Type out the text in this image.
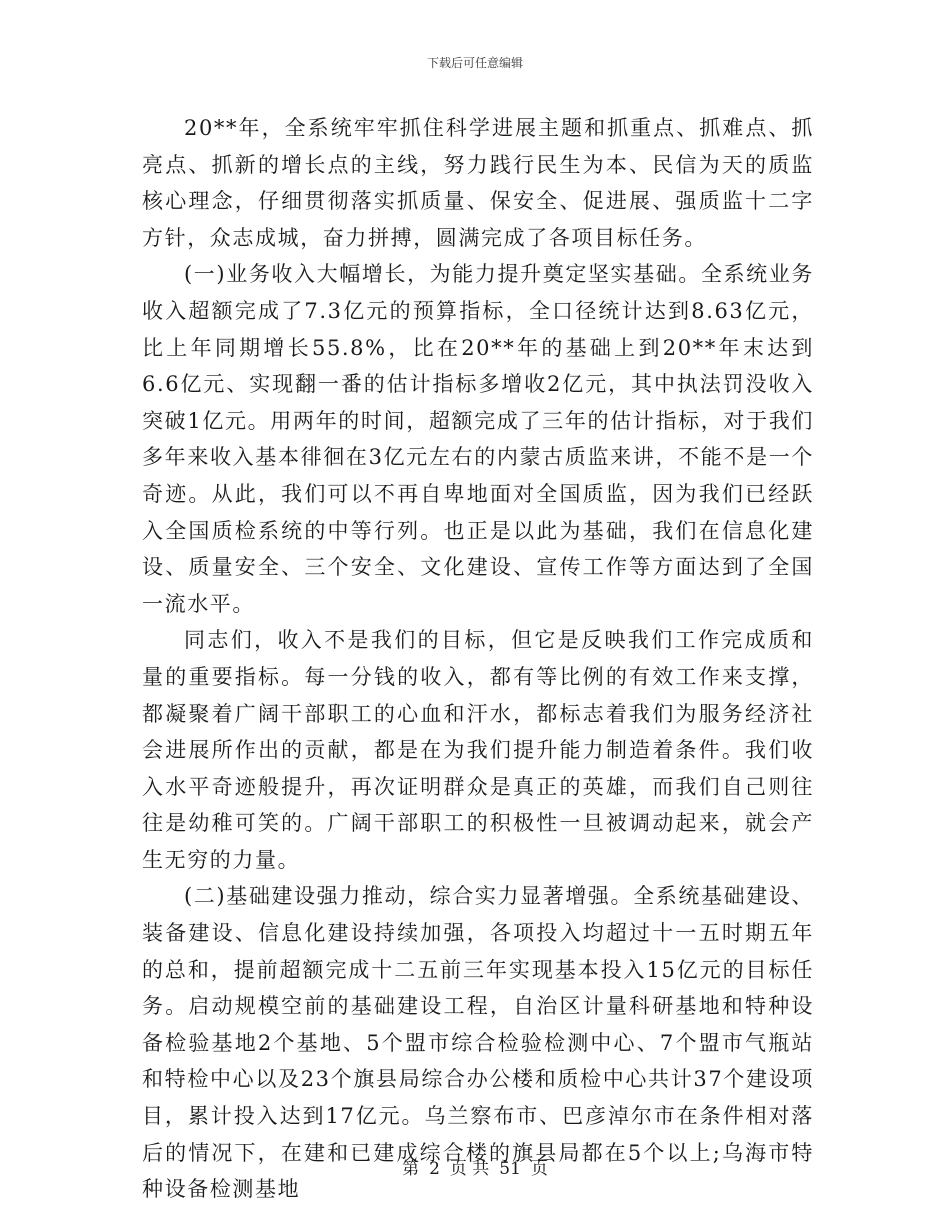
下载后可任意编辑

20**年，全系统牢牢抓住科学进展主题和抓重点、抓难点、抓亮点、抓新的增长点的主线，努力践行民生为本、民信为天的质监核心理念，仔细贯彻落实抓质量、保安全、促进展、强质监十二字方针，众志成城，奋力拼搏，圆满完成了各项目标任务。

(一)业务收入大幅增长，为能力提升奠定坚实基础。全系统业务收入超额完成了7.3亿元的预算指标，全口径统计达到8.63亿元，比上年同期增长55.8%，比在20**年的基础上到20**年末达到6.6亿元、实现翻一番的估计指标多增收2亿元，其中执法罚没收入突破1亿元。用两年的时间，超额完成了三年的估计指标，对于我们多年来收入基本徘徊在3亿元左右的内蒙古质监来讲，不能不是一个奇迹。从此，我们可以不再自卑地面对全国质监，因为我们已经跃入全国质检系统的中等行列。也正是以此为基础，我们在信息化建设、质量安全、三个安全、文化建设、宣传工作等方面达到了全国一流水平。

同志们，收入不是我们的目标，但它是反映我们工作完成质和量的重要指标。每一分钱的收入，都有等比例的有效工作来支撑，都凝聚着广阔干部职工的心血和汗水，都标志着我们为服务经济社会进展所作出的贡献，都是在为我们提升能力制造着条件。我们收入水平奇迹般提升，再次证明群众是真正的英雄，而我们自己则往往是幼稚可笑的。广阔干部职工的积极性一旦被调动起来，就会产生无穷的力量。

(二)基础建设强力推动，综合实力显著增强。全系统基础建设、装备建设、信息化建设持续加强，各项投入均超过十一五时期五年的总和，提前超额完成十二五前三年实现基本投入15亿元的目标任务。启动规模空前的基础建设工程，自治区计量科研基地和特种设备检验基地2个基地、5个盟市综合检验检测中心、7个盟市气瓶站和特检中心以及23个旗县局综合办公楼和质检中心共计37个建设项目，累计投入达到17亿元。乌兰察布市、巴彦淖尔市在条件相对落后的情况下，在建和已建成综合楼的旗县局都在5个以上;乌海市特种设备检测基地

第 2 页 共 51 页
